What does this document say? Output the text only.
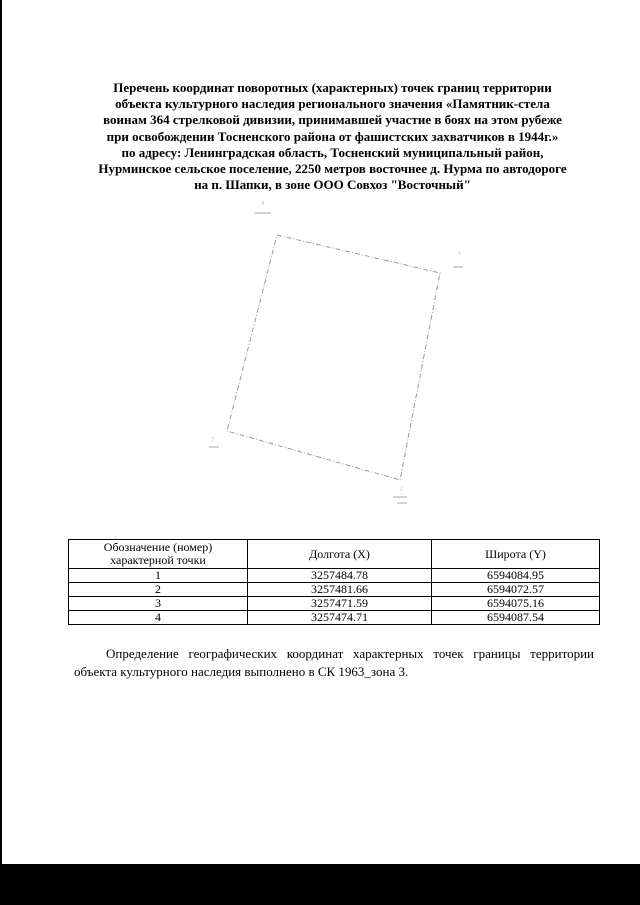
Перечень координат поворотных (характерных) точек границ территории
объекта культурного наследия регионального значения «Памятник-стела
воинам 364 стрелковой дивизии, принимавшей участие в боях на этом рубеже
при освобождении Тосненского района от фашистских захватчиков в 1944г.»
по адресу: Ленинградская область, Тосненский муниципальный район,
Нурминское сельское поселение, 2250 метров восточнее д. Нурма по автодороге
на п. Шапки, в зоне ООО Совхоз "Восточный"
1
2
3
4
Обозначение (номер)
характерной точки	Долгота (X)	Широта (Y)
1	3257484.78	6594084.95
2	3257481.66	6594072.57
3	3257471.59	6594075.16
4	3257474.71	6594087.54
Определение географических координат характерных точек границы территории объекта культурного наследия выполнено в СК 1963_зона 3.
